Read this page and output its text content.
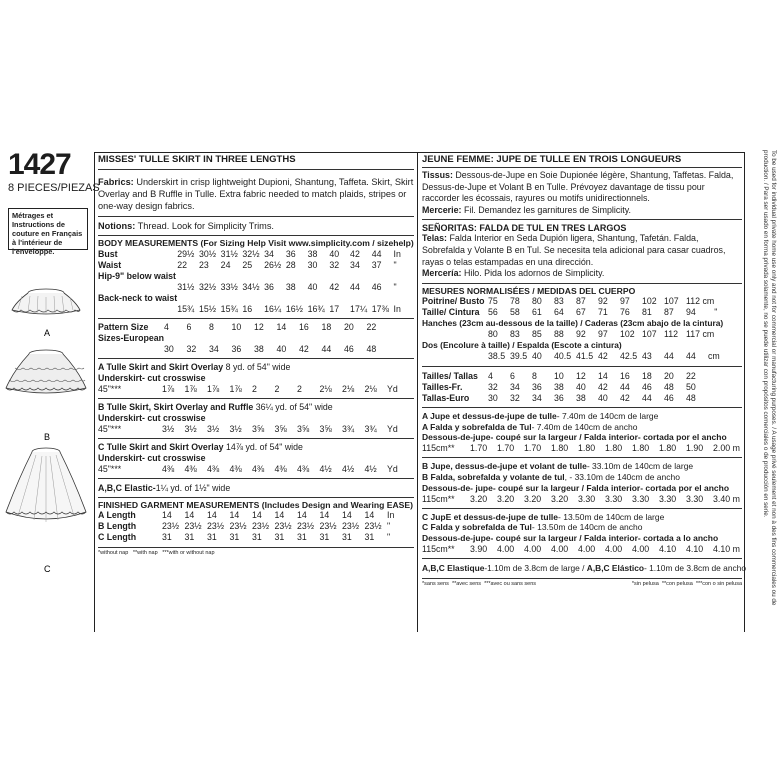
1427
8 PIECES/PIEZAS
Métrages et Instructions de couture en Français à l'intérieur de l'enveloppe.
A
B
C
MISSES' TULLE SKIRT IN THREE LENGTHS
Fabrics: Underskirt in crisp lightweight Dupioni, Shantung, Taffeta. Skirt, Skirt Overlay and B Ruffle in Tulle. Extra fabric needed to match plaids, stripes or one-way design fabrics.
Notions: Thread. Look for Simplicity Trims.
BODY MEASUREMENTS (For Sizing Help Visit www.simplicity.com / sizehelp)
Bust	29½	30½	31½	32½	34	36	38	40	42	44	In
Waist	22	23	24	25	26½	28	30	32	34	37	"
Hip-9" below waist											
	31½	32½	33½	34½	36	38	40	42	44	46	"
Back-neck to waist											
	15¾	15½	15¾	16	16¼	16½	16¾	17	17¼	17⅜	In
Pattern Size	4	6	8	10	12	14	16	18	20	22
Sizes-European										
	30	32	34	36	38	40	42	44	46	48
A Tulle Skirt and Skirt Overlay 8 yd. of 54" wide
Underskirt- cut crosswise
45"***	1⅞	1⅞	1⅞	1⅞	2	2	2	2⅛	2⅛	2⅛	Yd
B Tulle Skirt, Skirt Overlay and Ruffle 36¼ yd. of 54" wide
Underskirt- cut crosswise
45"***	3½	3½	3½	3½	3⅝	3⅝	3⅝	3⅝	3¾	3¾	Yd
C Tulle Skirt and Skirt Overlay 14⅞ yd. of 54" wide
Underskirt- cut crosswise
45"***	4⅜	4⅜	4⅜	4⅜	4⅜	4⅜	4⅜	4½	4½	4½	Yd
A,B,C Elastic-1¼ yd. of 1½" wide
FINISHED GARMENT MEASUREMENTS (Includes Design and Wearing EASE)
A Length	14	14	14	14	14	14	14	14	14	14	In
B Length	23½	23½	23½	23½	23½	23½	23½	23½	23½	23½	"
C Length	31	31	31	31	31	31	31	31	31	31	"
*without nap **with nap ***with or without nap
JEUNE FEMME: JUPE DE TULLE EN TROIS LONGUEURS
Tissus: Dessous-de-Jupe en Soie Dupionée légère, Shantung, Taffetas. Falda, Dessus-de-Jupe et Volant B en Tulle. Prévoyez davantage de tissu pour raccorder les écossais, rayures ou motifs unidirectionnels.
Mercerie: Fil. Demandez les garnitures de Simplicity.
SEÑORITAS: FALDA DE TUL EN TRES LARGOS
Telas: Falda Interior en Seda Dupión ligera, Shantung, Tafetán. Falda, Sobrefalda y Volante B en Tul. Se necesita tela adicional para casar cuadros, rayas o telas estampadas en una dirección.
Mercería: Hilo. Pida los adornos de Simplicity.
MESURES NORMALISÉES / MEDIDAS DEL CUERPO
Poitrine/ Busto	75	78	80	83	87	92	97	102	107	112 cm	
Taille/ Cintura	56	58	61	64	67	71	76	81	87	94	"
Hanches (23cm au-dessous de la taille) / Caderas (23cm abajo de la cintura)
	80	83	85	88	92	97	102	107	112	117 cm
Dos (Encolure à taille) / Espalda (Escote a cintura)
	38.5	39.5	40	40.5	41.5	42	42.5	43	44	44	cm
Tailles/ Tallas	4	6	8	10	12	14	16	18	20	22
Tailles-Fr.	32	34	36	38	40	42	44	46	48	50
Tallas-Euro	30	32	34	36	38	40	42	44	46	48
A Jupe et dessus-de-jupe de tulle- 7.40m de 140cm de large
A Falda y sobrefalda de Tul- 7.40m de 140cm de ancho
Dessous-de-jupe- coupé sur la largeur / Falda interior- cortada por el ancho
115cm**	1.70	1.70	1.70	1.80	1.80	1.80	1.80	1.80	1.90	2.00 m
B Jupe, dessus-de-jupe et volant de tulle- 33.10m de 140cm de large
B Falda, sobrefalda y volante de tul, - 33.10m de 140cm de ancho
Dessous-de- jupe- coupé sur la largeur / Falda interior- cortada por el ancho
115cm**	3.20	3.20	3.20	3.20	3.30	3.30	3.30	3.30	3.30	3.40 m
C JupE et dessus-de-jupe de tulle- 13.50m de 140cm de large
C Falda y sobrefalda de Tul- 13.50m de 140cm de ancho
Dessous-de-jupe- coupé sur la largeur / Falda interior- cortada a lo ancho
115cm**	3.90	4.00	4.00	4.00	4.00	4.00	4.00	4.10	4.10	4.10 m
A,B,C Elastique-1.10m de 3.8cm de large / A,B,C Elástico- 1.10m de 3.8cm de ancho
*sans sens **avec sens ***avec ou sans sens	*sin pelusa **con pelusa ***con o sin pelusa	To be used for individual private home use only and not for commercial or manufacturing purposes. / A usage privé seulement et non à des fins commerciales ou de production. / Para ser usado en forma privada solamente, no se puede utilizar con propósitos comerciales o de producción en serie.
